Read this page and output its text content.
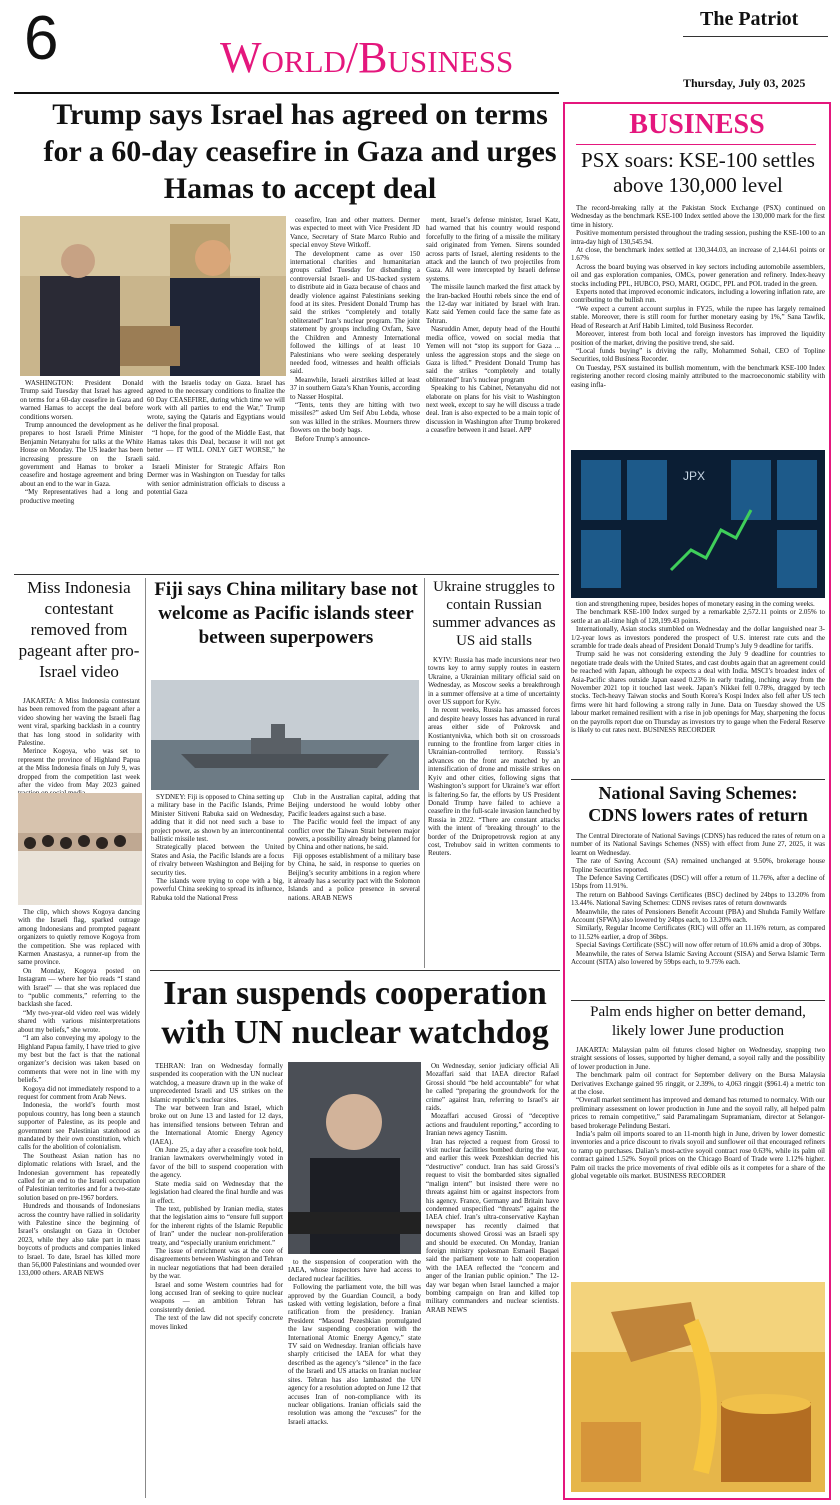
6	World/Business
The Patriot
Thursday, July 03, 2025
Trump says Israel has agreed on terms for a 60-day ceasefire in Gaza and urges Hamas to accept deal

WASHINGTON: President Donald Trump said Tuesday that Israel has agreed on terms for a 60-day ceasefire in Gaza and warned Hamas to accept the deal before conditions worsen.

Trump announced the development as he prepares to host Israeli Prime Minister Benjamin Netanyahu for talks at the White House on Monday. The US leader has been increasing pressure on the Israeli government and Hamas to broker a ceasefire and hostage agreement and bring about an end to the war in Gaza.

“My Representatives had a long and productive meeting

with the Israelis today on Gaza. Israel has agreed to the necessary conditions to finalize the 60 Day CEASEFIRE, during which time we will work with all parties to end the War,” Trump wrote, saying the Qataris and Egyptians would deliver the final proposal.

“I hope, for the good of the Middle East, that Hamas takes this Deal, because it will not get better — IT WILL ONLY GET WORSE,” he said.

Israeli Minister for Strategic Affairs Ron Dermer was in Washington on Tuesday for talks with senior administration officials to discuss a potential Gaza

ceasefire, Iran and other matters. Dermer was expected to meet with Vice President JD Vance, Secretary of State Marco Rubio and special envoy Steve Witkoff.

The development came as over 150 international charities and humanitarian groups called Tuesday for disbanding a controversial Israeli- and US-backed system to distribute aid in Gaza because of chaos and deadly violence against Palestinians seeking food at its sites. President Donald Trump has said the strikes “completely and totally obliterated” Iran’s nuclear program. The joint statement by groups including Oxfam, Save the Children and Amnesty International followed the killings of at least 10 Palestinians who were seeking desperately needed food, witnesses and health officials said.

Meanwhile, Israeli airstrikes killed at least 37 in southern Gaza’s Khan Younis, according to Nasser Hospital.

“Tents, tents they are hitting with two missiles?” asked Um Seif Abu Lebda, whose son was killed in the strikes. Mourners threw flowers on the body bags.

Before Trump’s announce-

ment, Israel’s defense minister, Israel Katz, had warned that his country would respond forcefully to the firing of a missile the military said originated from Yemen. Sirens sounded across parts of Israel, alerting residents to the attack and the launch of two projectiles from Gaza. All were intercepted by Israeli defense systems.

The missile launch marked the first attack by the Iran-backed Houthi rebels since the end of the 12-day war initiated by Israel with Iran. Katz said Yemen could face the same fate as Tehran.

Nasruddin Amer, deputy head of the Houthi media office, vowed on social media that Yemen will not “stop its support for Gaza ... unless the aggression stops and the siege on Gaza is lifted.” President Donald Trump has said the strikes “completely and totally obliterated” Iran’s nuclear program

Speaking to his Cabinet, Netanyahu did not elaborate on plans for his visit to Washington next week, except to say he will discuss a trade deal. Iran is also expected to be a main topic of discussion in Washington after Trump brokered a ceasefire between it and Israel. APP

Miss Indonesia contestant removed from pageant after pro-Israel video

JAKARTA: A Miss Indonesia contestant has been removed from the pageant after a video showing her waving the Israeli flag went viral, sparking backlash in a country that has long stood in solidarity with Palestine.

Merince Kogoya, who was set to represent the province of Highland Papua at the Miss Indonesia finals on July 9, was dropped from the competition last week after the video from May 2023 gained

The clip, which shows Kogoya dancing with the Israeli flag, sparked outrage among Indonesians and prompted pageant organizers to quietly remove Kogoya from the competition. She was replaced with Karmen Anastasya, a runner-up from the same province.

On Monday, Kogoya posted on Instagram — where her bio reads “I stand with Israel” — that she was replaced due to “public comments,” referring to the backlash she faced.

“My two-year-old video reel was widely shared with various misinterpretations about my beliefs,” she wrote.

“I am also conveying my apology to the Highland Papua family, I have tried to give my best but the fact is that the national organizer’s decision was taken based on comments that were not in line with my beliefs.”

Kogoya did not immediately respond to a request for comment from Arab News.

Indonesia, the world’s fourth most populous country, has long been a staunch supporter of Palestine, as its people and government see Palestinian statehood as mandated by their own constitution, which calls for the abolition of colonialism.

The Southeast Asian nation has no diplomatic relations with Israel, and the Indonesian government has repeatedly called for an end to the Israeli occupation of Palestinian territories and for a two-state solution based on pre-1967 borders.

Hundreds and thousands of Indonesians across the country have rallied in solidarity with Palestine since the beginning of Israel’s onslaught on Gaza in October 2023, while they also take part in mass boycotts of products and companies linked to Israel. To date, Israel has killed more than 56,000 Palestinians and wounded over 133,000 others. ARAB NEWS

Fiji says China military base not welcome as Pacific islands steer between superpowers

SYDNEY: Fiji is opposed to China setting up a military base in the Pacific Islands, Prime Minister Sitiveni Rabuka said on Wednesday, adding that it did not need such a base to project power, as shown by an intercontinental ballistic missile test.

Strategically placed between the United States and Asia, the Pacific Islands are a focus of rivalry between Washington and Beijing for security ties.

The islands were trying to cope with a big, powerful China seeking to spread its influence, Rabuka told the National Press

Club in the Australian capital, adding that Beijing understood he would lobby other Pacific leaders against such a base.

The Pacific would feel the impact of any conflict over the Taiwan Strait between major powers, a possibility already being planned for by China and other nations, he said.

Fiji opposes establishment of a military base by China, he said, in response to queries on Beijing’s security ambitions in a region where it already has a security pact with the Solomon Islands and a police presence in several nations. ARAB NEWS

Ukraine struggles to contain Russian summer advances as US aid stalls

KYIV: Russia has made incursions near two towns key to army supply routes in eastern Ukraine, a Ukrainian military official said on Wednesday, as Moscow seeks a breakthrough in a summer offensive at a time of uncertainty over US support for Kyiv.

In recent weeks, Russia has amassed forces and despite heavy losses has advanced in rural areas either side of Pokrovsk and Kostiantynivka, which both sit on crossroads running to the frontline from larger cities in Ukrainian-controlled territory. Russia’s advances on the front are matched by an intensification of drone and missile strikes on Kyiv and other cities, following signs that Washington’s support for Ukraine’s war effort is faltering.So far, the efforts by US President Donald Trump have failed to achieve a ceasefire in the full-scale invasion launched by Russia in 2022. “There are constant attacks with the intent of ‘breaking through’ to the border of the Dnipropetrovsk region at any cost, Trehubov said in written comments to Reuters.

Iran suspends cooperation with UN nuclear watchdog

TEHRAN: Iran on Wednesday formally suspended its cooperation with the UN nuclear watchdog, a measure drawn up in the wake of unprecedented Israeli and US strikes on the Islamic republic’s nuclear sites.

The war between Iran and Israel, which broke out on June 13 and lasted for 12 days, has intensified tensions between Tehran and the International Atomic Energy Agency (IAEA).

On June 25, a day after a ceasefire took hold, Iranian lawmakers overwhelmingly voted in favor of the bill to suspend cooperation with the agency.

State media said on Wednesday that the legislation had cleared the final hurdle and was in effect.

The text, published by Iranian media, states that the legislation aims to “ensure full support for the inherent rights of the Islamic Republic of Iran” under the nuclear non-proliferation treaty, and “especially uranium enrichment.”

The issue of enrichment was at the core of disagreements between Washington and Tehran in nuclear negotiations that had been derailed by the war.

Israel and some Western countries had for long accused Iran of seeking to quire nuclear weapons — an ambition Tehran has consistently denied.

The text of the law did not specify concrete moves linked

to the suspension of cooperation with the IAEA, whose inspectors have had access to declared nuclear facilities.

Following the parliament vote, the bill was approved by the Guardian Council, a body tasked with vetting legislation, before a final ratification from the presidency. Iranian President “Masoud Pezeshkian promulgated the law suspending cooperation with the International Atomic Energy Agency,” state TV said on Wednesday. Iranian officials have sharply criticised the IAEA for what they described as the agency’s “silence” in the face of the Israeli and US attacks on Iranian nuclear sites. Tehran has also lambasted the UN agency for a resolution adopted on June 12 that accuses Iran of non-compliance with its nuclear obligations. Iranian officials said the resolution was among the “excuses” for the Israeli attacks.

On Wednesday, senior judiciary official Ali Mozaffari said that IAEA director Rafael Grossi should “be held accountable” for what he called “preparing the groundwork for the crime” against Iran, referring to Israel’s air raids.

Mozaffari accused Grossi of “deceptive actions and fraudulent reporting,” according to Iranian news agency Tasnim.

Iran has rejected a request from Grossi to visit nuclear facilities bombed during the war, and earlier this week Pezeshkian decried his “destructive” conduct. Iran has said Grossi’s request to visit the bombarded sites signalled “malign intent” but insisted there were no threats against him or against inspectors from his agency. France, Germany and Britain have condemned unspecified “threats” against the IAEA chief. Iran’s ultra-conservative Kayhan newspaper has recently claimed that documents showed Grossi was an Israeli spy and should be executed. On Monday, Iranian foreign ministry spokesman Esmaeil Baqaei said the parliament vote to halt cooperation with the IAEA reflected the “concern and anger of the Iranian public opinion.” The 12-day war began when Israel launched a major bombing campaign on Iran and killed top military commanders and nuclear scientists. ARAB NEWS

BUSINESS
PSX soars: KSE-100 settles above 130,000 level

The record-breaking rally at the Pakistan Stock Exchange (PSX) continued on Wednesday as the benchmark KSE-100 Index settled above the 130,000 mark for the first time in history.

Positive momentum persisted throughout the trading session, pushing the KSE-100 to an intra-day high of 130,545.94.

At close, the benchmark index settled at 130,344.03, an increase of 2,144.61 points or 1.67%

Across the board buying was observed in key sectors including automobile assemblers, oil and gas exploration companies, OMCs, power generation and refinery. Index-heavy stocks including PPL, HUBCO, PSO, MARI, OGDC, PPL and POL traded in the green.

Experts noted that improved economic indicators, including a lowering inflation rate, are contributing to the bullish run.

“We expect a current account surplus in FY25, while the rupee has largely remained stable. Moreover, there is still room for further monetary easing by 1%,” Sana Tawfik, Head of Research at Arif Habib Limited, told Business Recorder.

Moreover, interest from both local and foreign investors has improved the liquidity position of the market, driving the positive trend, she said.

“Local funds buying” is driving the rally, Mohammed Sohail, CEO of Topline Securities, told Business Recorder.

On Tuesday, PSX sustained its bullish momentum, with the benchmark KSE-100 Index registering another record closing mainly attributed to the macroeconomic stability with easing infla-

JPX

tion and strengthening rupee, besides hopes of monetary easing in the coming weeks.

The benchmark KSE-100 Index surged by a remarkable 2,572.11 points or 2.05% to settle at an all-time high of 128,199.43 points.

Internationally, Asian stocks stumbled on Wednesday and the dollar languished near 3-1/2-year lows as investors pondered the prospect of U.S. interest rate cuts and the scramble for trade deals ahead of President Donald Trump’s July 9 deadline for tariffs.

Trump said he was not considering extending the July 9 deadline for countries to negotiate trade deals with the United States, and cast doubts again that an agreement could be reached with Japan, although he expects a deal with India. MSCI’s broadest index of Asia-Pacific shares outside Japan eased 0.23% in early trading, inching away from the November 2021 top it touched last week. Japan’s Nikkei fell 0.78%, dragged by tech stocks. Tech-heavy Taiwan stocks and South Korea’s Kospi Index also fell after US tech firms were hit hard following a strong rally in June. Data on Tuesday showed the US labour market remained resilient with a rise in job openings for May, sharpening the focus on the payrolls report due on Thursday as investors try to gauge when the Federal Reserve is likely to cut rates next. BUSINESS RECORDER

National Saving Schemes: CDNS lowers rates of return

The Central Directorate of National Savings (CDNS) has reduced the rates of return on a number of its National Savings Schemes (NSS) with effect from June 27, 2025, it was learnt on Wednesday.

The rate of Saving Account (SA) remained unchanged at 9.50%, brokerage house Topline Securities reported.

The Defence Saving Certificates (DSC) will offer a return of 11.76%, after a decline of 15bps from 11.91%.

The return on Bahbood Savings Certificates (BSC) declined by 24bps to 13.20% from 13.44%. National Saving Schemes: CDNS revises rates of return downwards

Meanwhile, the rates of Pensioners Benefit Account (PBA) and Shuhda Family Welfare Account (SFWA) also lowered by 24bps each, to 13.20% each.

Similarly, Regular Income Certificates (RIC) will offer an 11.16% return, as compared to 11.52% earlier, a drop of 36bps.

Special Savings Certificate (SSC) will now offer return of 10.6% amid a drop of 30bps.

Meanwhile, the rates of Serwa Islamic Saving Account (SISA) and Serwa Islamic Term Account (SITA) also lowered by 59bps each, to 9.75% each.

Palm ends higher on better demand, likely lower June production

JAKARTA: Malaysian palm oil futures closed higher on Wednesday, snapping two straight sessions of losses, supported by higher demand, a soyoil rally and the possibility of lower production in June.

The benchmark palm oil contract for September delivery on the Bursa Malaysia Derivatives Exchange gained 95 ringgit, or 2.39%, to 4,063 ringgit ($961.4) a metric ton at the close.

“Overall market sentiment has improved and demand has returned to normalcy. With our preliminary assessment on lower production in June and the soyoil rally, all helped palm prices to remain competitive,” said Paramalingam Supramaniam, director at Selangor-based brokerage Pelindung Bestari.

India’s palm oil imports soared to an 11-month high in June, driven by lower domestic inventories and a price discount to rivals soyoil and sunflower oil that encouraged refiners to ramp up purchases. Dalian’s most-active soyoil contract rose 0.63%, while its palm oil contract gained 1.52%. Soyoil prices on the Chicago Board of Trade were 1.12% higher. Palm oil tracks the price movements of rival edible oils as it competes for a share of the global vegetable oils market. BUSINESS RECORDER
